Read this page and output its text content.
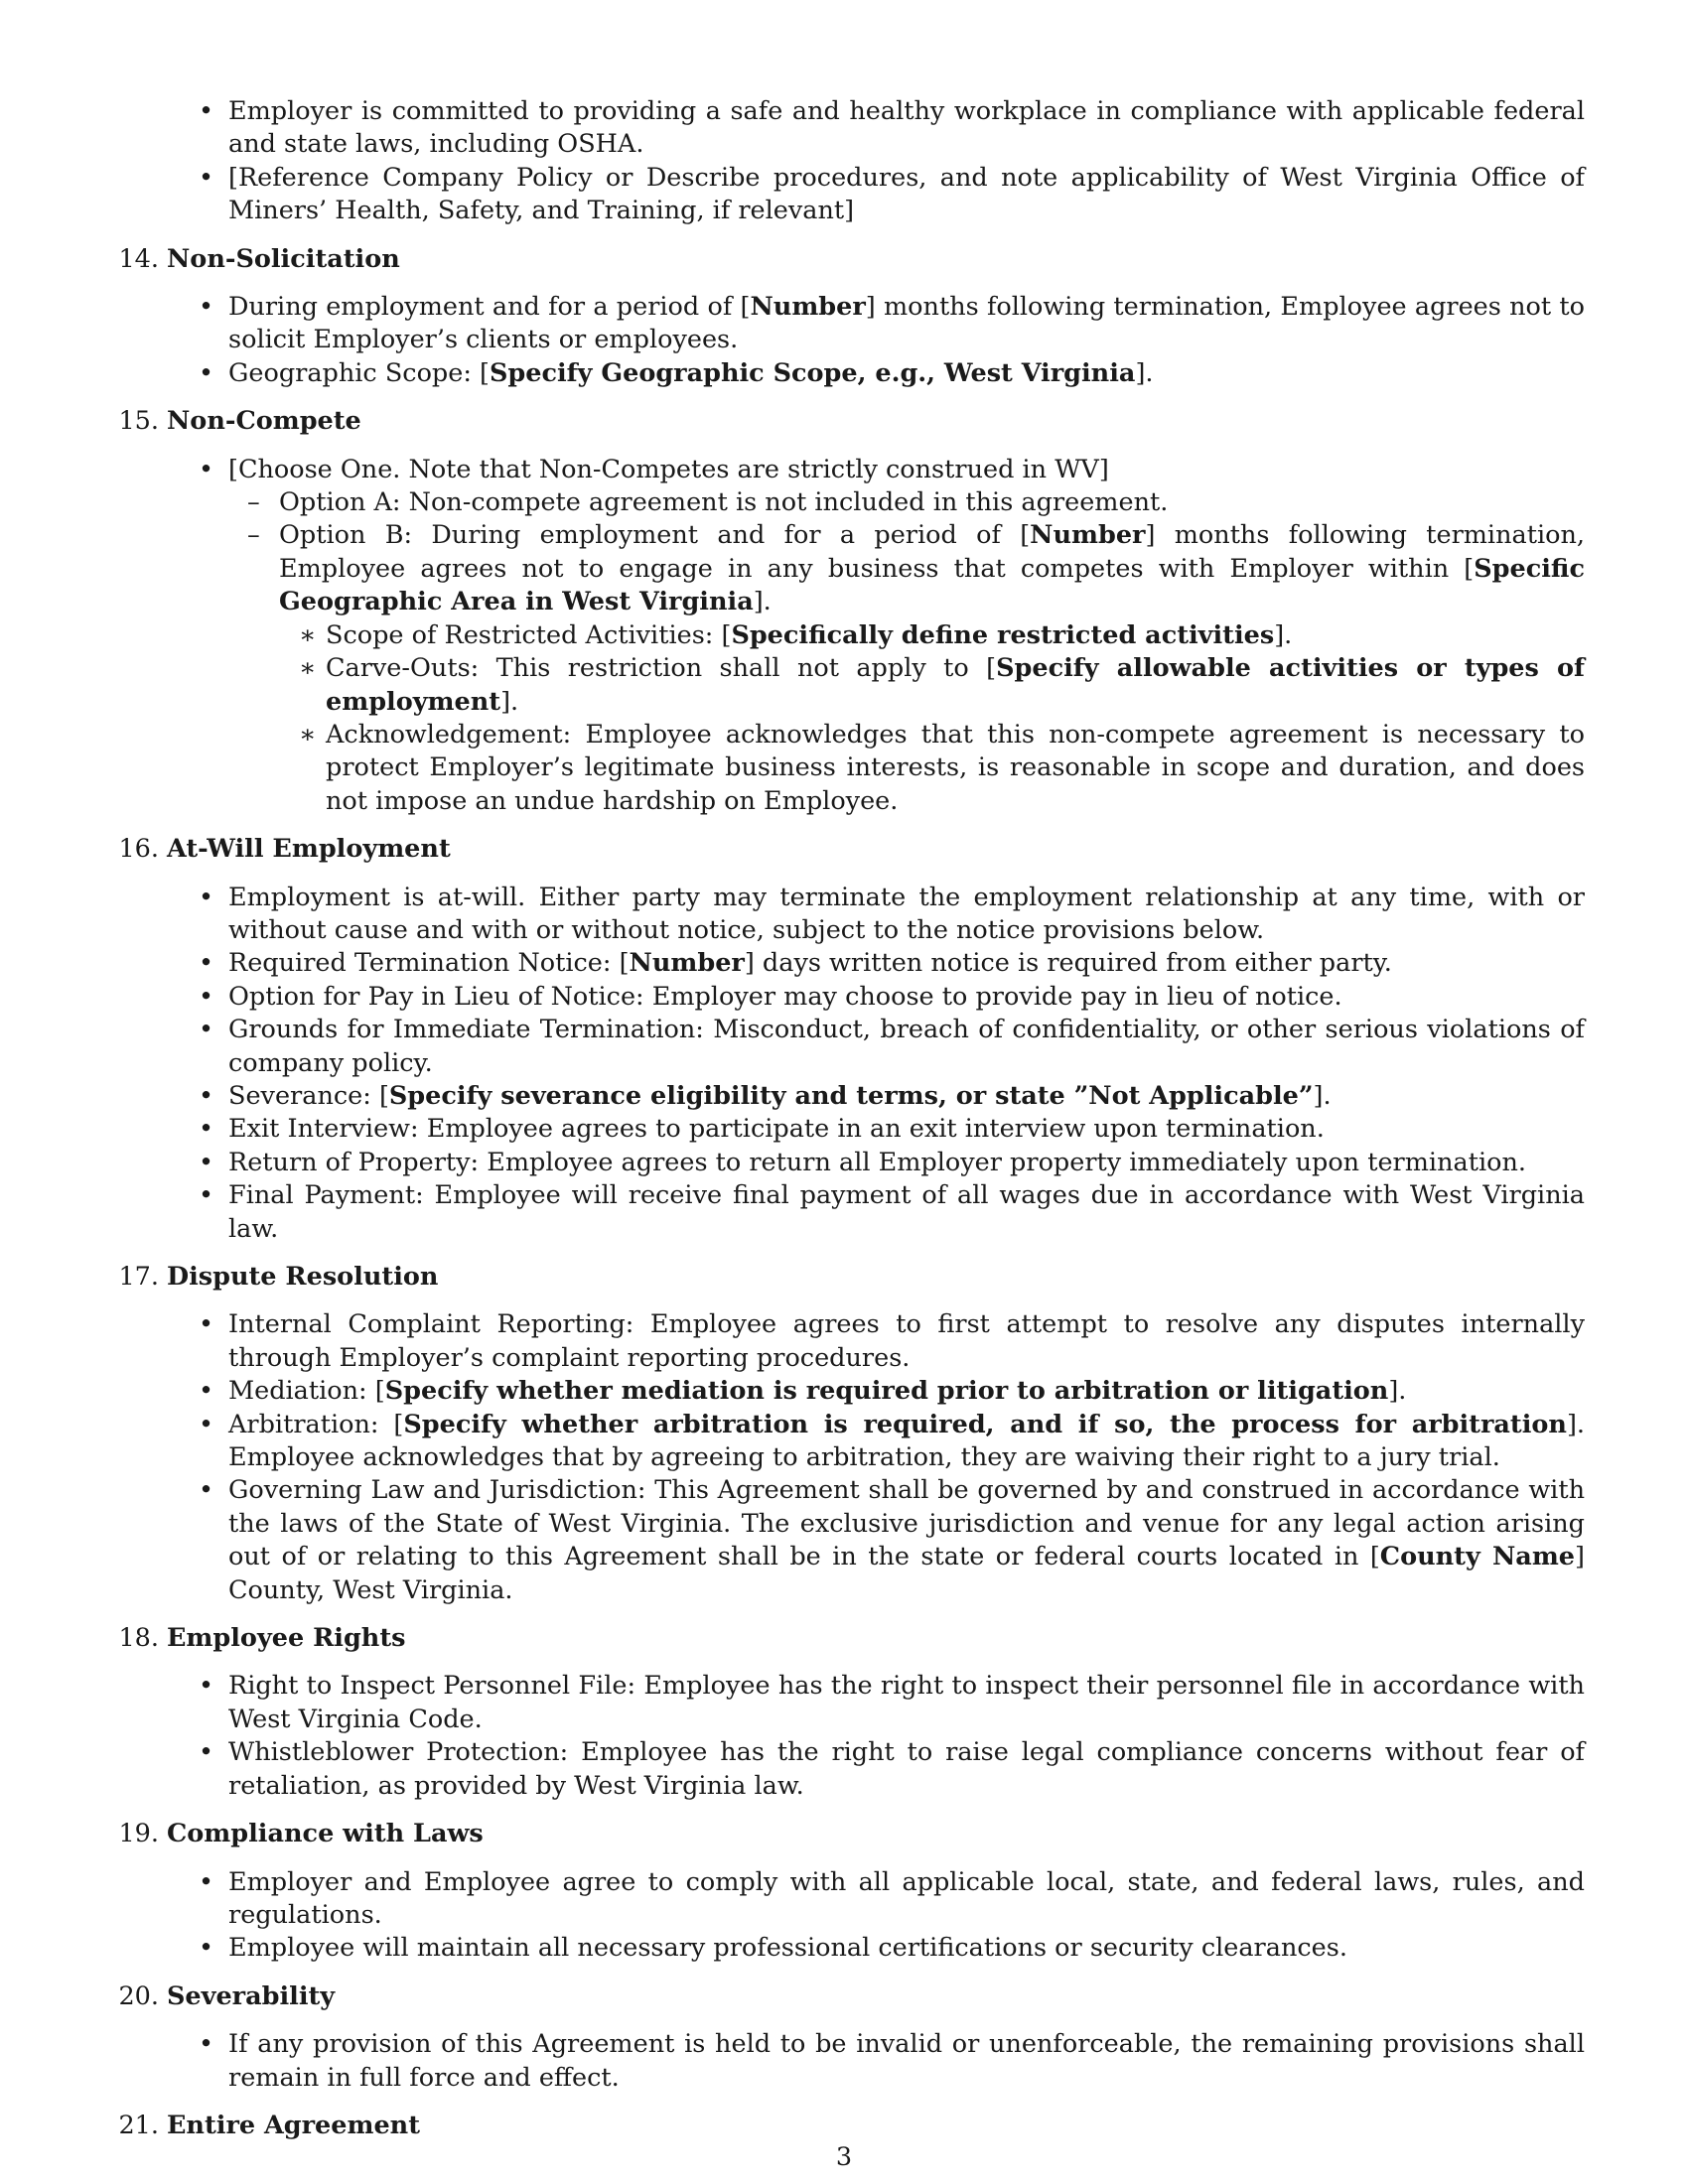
• Employer is committed to providing a safe and healthy workplace in compliance with applicable federal and state laws, including OSHA.
• [Reference Company Policy or Describe procedures, and note applicability of West Virginia Office of Miners’ Health, Safety, and Training, if relevant]
14. Non-Solicitation
• During employment and for a period of [Number] months following termination, Employee agrees not to solicit Employer’s clients or employees.
• Geographic Scope: [Specify Geographic Scope, e.g., West Virginia].
15. Non-Compete
• [Choose One. Note that Non-Competes are strictly construed in WV]
– Option A: Non-compete agreement is not included in this agreement.
– Option B: During employment and for a period of [Number] months following termination, Employee agrees not to engage in any business that competes with Employer within [Specific Geographic Area in West Virginia].
∗ Scope of Restricted Activities: [Specifically define restricted activities].
∗ Carve-Outs: This restriction shall not apply to [Specify allowable activities or types of employment].
∗ Acknowledgement: Employee acknowledges that this non-compete agreement is necessary to protect Employer’s legitimate business interests, is reasonable in scope and duration, and does not impose an undue hardship on Employee.
16. At-Will Employment
• Employment is at-will. Either party may terminate the employment relationship at any time, with or without cause and with or without notice, subject to the notice provisions below.
• Required Termination Notice: [Number] days written notice is required from either party.
• Option for Pay in Lieu of Notice: Employer may choose to provide pay in lieu of notice.
• Grounds for Immediate Termination: Misconduct, breach of confidentiality, or other serious violations of company policy.
• Severance: [Specify severance eligibility and terms, or state ”Not Applicable”].
• Exit Interview: Employee agrees to participate in an exit interview upon termination.
• Return of Property: Employee agrees to return all Employer property immediately upon termination.
• Final Payment: Employee will receive final payment of all wages due in accordance with West Virginia law.
17. Dispute Resolution
• Internal Complaint Reporting: Employee agrees to first attempt to resolve any disputes internally through Employer’s complaint reporting procedures.
• Mediation: [Specify whether mediation is required prior to arbitration or litigation].
• Arbitration: [Specify whether arbitration is required, and if so, the process for arbitration]. Employee acknowledges that by agreeing to arbitration, they are waiving their right to a jury trial.
• Governing Law and Jurisdiction: This Agreement shall be governed by and construed in accordance with the laws of the State of West Virginia. The exclusive jurisdiction and venue for any legal action arising out of or relating to this Agreement shall be in the state or federal courts located in [County Name] County, West Virginia.
18. Employee Rights
• Right to Inspect Personnel File: Employee has the right to inspect their personnel file in accordance with West Virginia Code.
• Whistleblower Protection: Employee has the right to raise legal compliance concerns without fear of retaliation, as provided by West Virginia law.
19. Compliance with Laws
• Employer and Employee agree to comply with all applicable local, state, and federal laws, rules, and regulations.
• Employee will maintain all necessary professional certifications or security clearances.
20. Severability
• If any provision of this Agreement is held to be invalid or unenforceable, the remaining provisions shall remain in full force and effect.
21. Entire Agreement
3
